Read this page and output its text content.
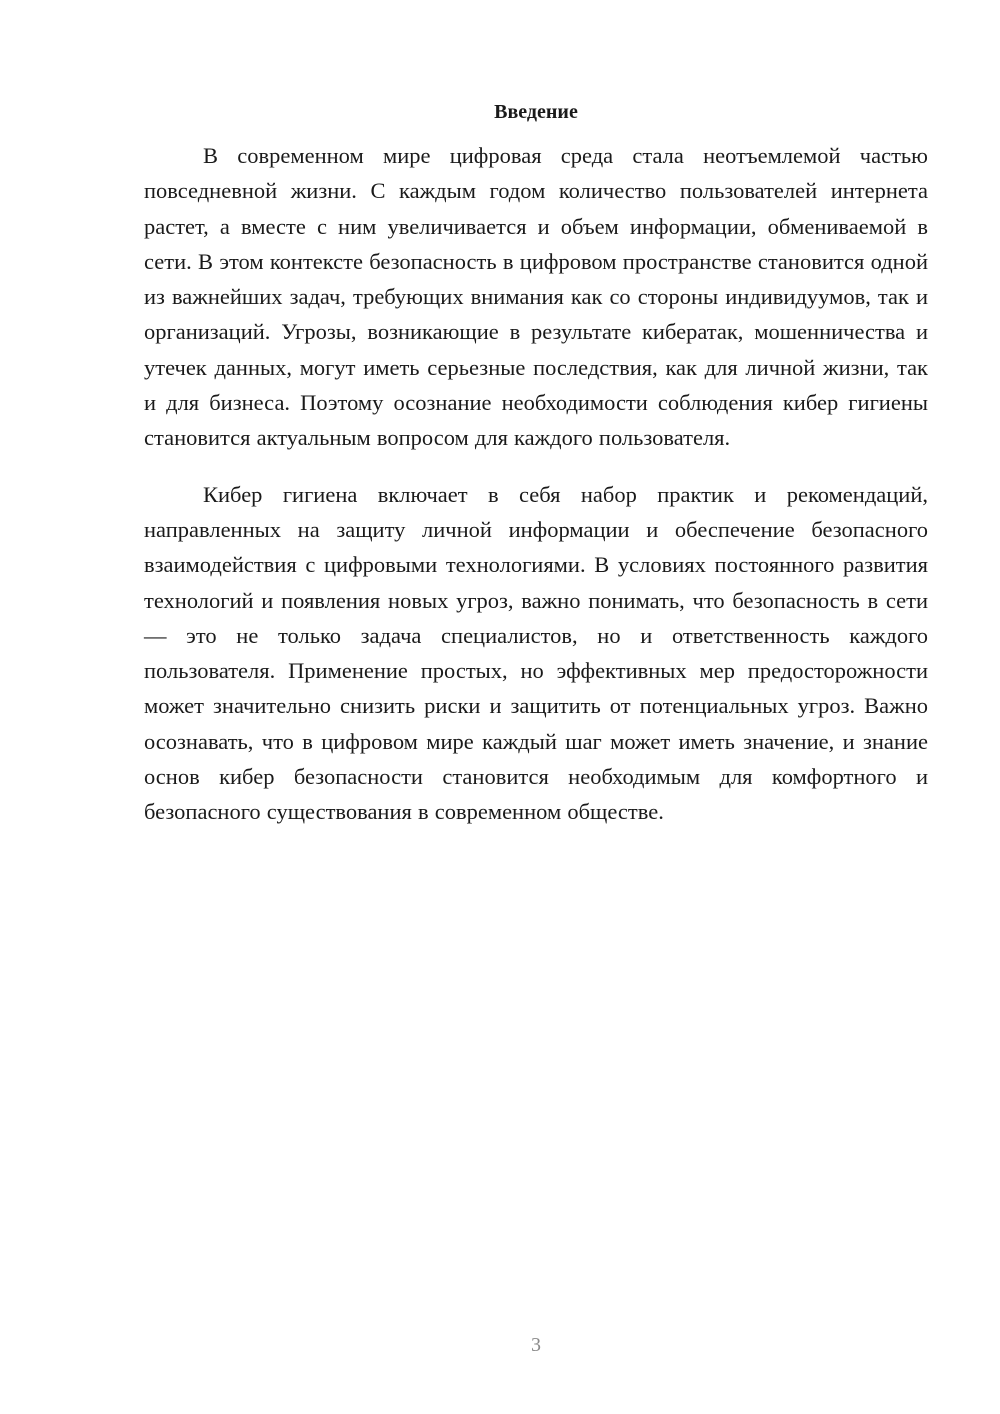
Введение

В современном мире цифровая среда стала неотъемлемой частью повседневной жизни. С каждым годом количество пользователей интернета растет, а вместе с ним увеличивается и объем информации, обмениваемой в сети. В этом контексте безопасность в цифровом пространстве становится одной из важнейших задач, требующих внимания как со стороны индивидуумов, так и организаций. Угрозы, возникающие в результате кибератак, мошенничества и утечек данных, могут иметь серьезные последствия, как для личной жизни, так и для бизнеса. Поэтому осознание необходимости соблюдения кибер гигиены становится актуальным вопросом для каждого пользователя.

Кибер гигиена включает в себя набор практик и рекомендаций, направленных на защиту личной информации и обеспечение безопасного взаимодействия с цифровыми технологиями. В условиях постоянного развития технологий и появления новых угроз, важно понимать, что безопасность в сети — это не только задача специалистов, но и ответственность каждого пользователя. Применение простых, но эффективных мер предосторожности может значительно снизить риски и защитить от потенциальных угроз. Важно осознавать, что в цифровом мире каждый шаг может иметь значение, и знание основ кибер безопасности становится необходимым для комфортного и безопасного существования в современном обществе.

3
